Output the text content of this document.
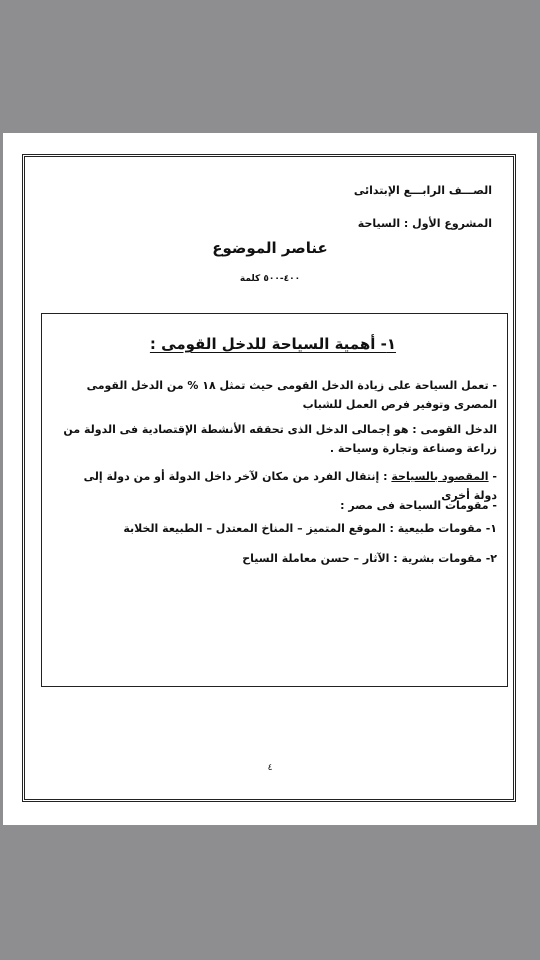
الصـــف الرابـــع الإبتدائى
المشروع الأول : السياحة
عناصر الموضوع
٤٠٠-٥٠٠ كلمة
١- أهمية السياحة للدخل القومى :
- تعمل السياحة على زيادة الدخل القومى حيث تمثل ١٨ % من الدخل القومى المصرى وتوفير فرص العمل للشباب
الدخل القومى : هو إجمالى الدخل الذى تحققه الأنشطة الإقتصادية فى الدولة من زراعة وصناعة وتجارة وسياحة .
- المقصود بالسياحة : إنتقال الفرد من مكان لآخر داخل الدولة أو من دولة إلى دولة أخرى
- مقومات السياحة فى مصر :
١- مقومات طبيعية : الموقع المتميز – المناخ المعتدل – الطبيعة الخلابة
٢- مقومات بشرية : الآثار – حسن معاملة السياح
٤
